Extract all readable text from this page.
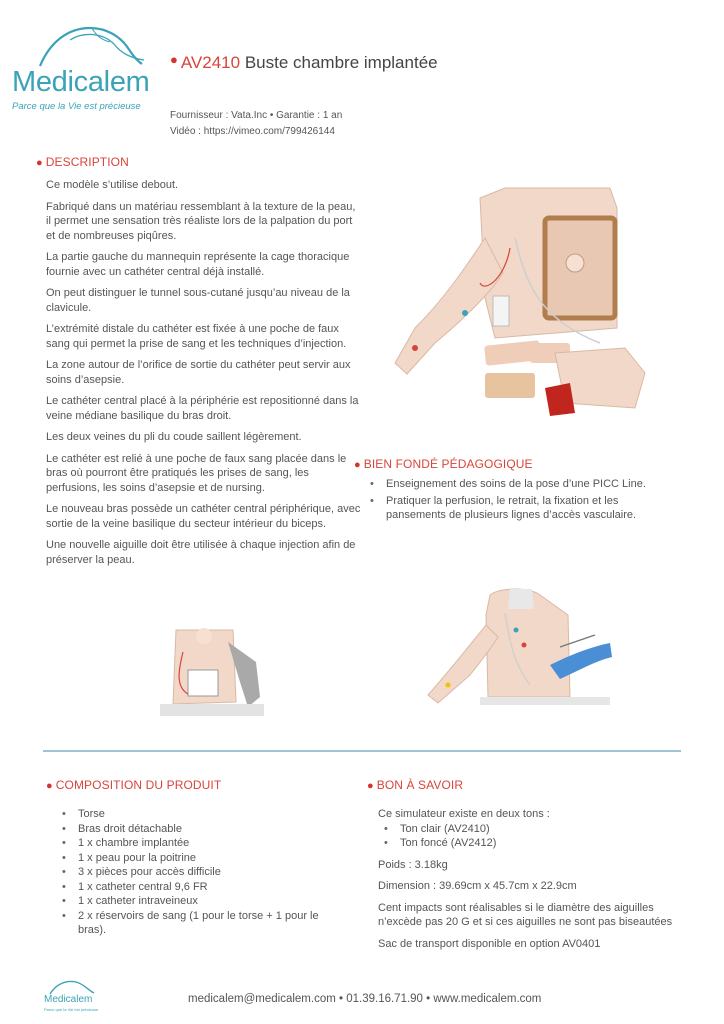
Medicalem
Parce que la Vie est précieuse
● AV2410 Buste chambre implantée
Fournisseur : Vata.Inc • Garantie : 1 an
Vidéo : https://vimeo.com/799426144
● DESCRIPTION

Ce modèle s’utilise debout.

Fabriqué dans un matériau ressemblant à la texture de la peau, il permet une sensation très réaliste lors de la palpation du port et de nombreuses piqûres.

La partie gauche du mannequin représente la cage thoracique fournie avec un cathéter central déjà installé.

On peut distinguer le tunnel sous-cutané jusqu’au niveau de la clavicule.

L’extrémité distale du cathéter est fixée à une poche de faux sang qui permet la prise de sang et les techniques d’injection.

La zone autour de l’orifice de sortie du cathéter peut servir aux soins d’asepsie.

Le cathéter central placé à la périphérie est repositionné dans la veine médiane basilique du bras droit.

Les deux veines du pli du coude saillent légèrement.

Le cathéter est relié à une poche de faux sang placée dans le bras où pourront être pratiqués les prises de sang, les perfusions, les soins d’asepsie et de nursing.

Le nouveau bras possède un cathéter central périphérique, avec sortie de la veine basilique du secteur intérieur du biceps.

Une nouvelle aiguille doit être utilisée à chaque injection afin de préserver la peau.

● BIEN FONDÉ PÉDAGOGIQUE
• Enseignement des soins de la pose d’une PICC Line.
• Pratiquer la perfusion, le retrait, la fixation et les pansements de plusieurs lignes d’accès vasculaire.
● COMPOSITION DU PRODUIT
• Torse
• Bras droit détachable
• 1 x chambre implantée
• 1 x peau pour la poitrine
• 3 x pièces pour accès difficile
• 1 x catheter central 9,6 FR
• 1 x catheter intraveineux
• 2 x réservoirs de sang (1 pour le torse + 1 pour le bras).
● BON À SAVOIR

Ce simulateur existe en deux tons :

• Ton clair (AV2410)
• Ton foncé (AV2412)

Poids : 3.18kg

Dimension : 39.69cm x 45.7cm x 22.9cm

Cent impacts sont réalisables si le diamètre des aiguilles n’excède pas 20 G et si ces aiguilles ne sont pas biseautées

Sac de transport disponible en option AV0401

Medicalem
Parce que la Vie est précieuse
medicalem@medicalem.com • 01.39.16.71.90 • www.medicalem.com
